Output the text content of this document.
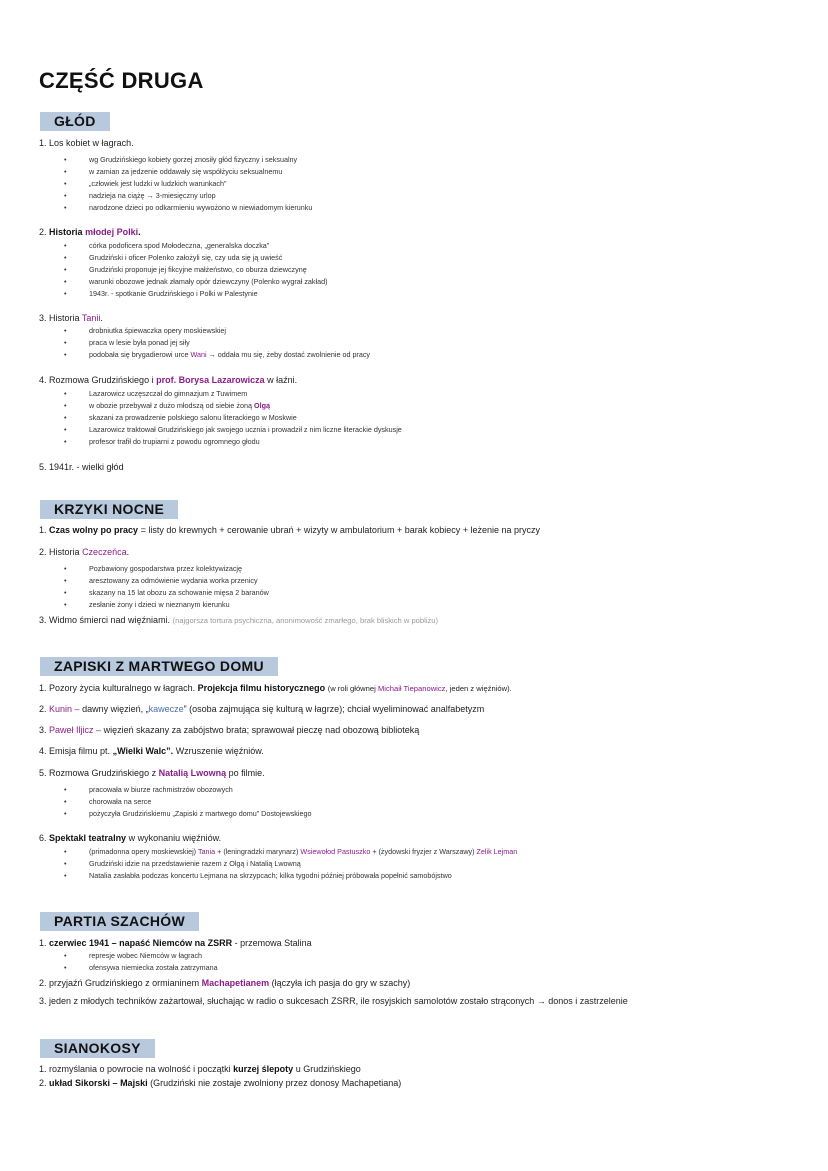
CZĘŚĆ DRUGA
GŁÓD
1. Los kobiet w łagrach.
• wg Grudzińskiego kobiety gorzej znosiły głód fizyczny i seksualny
• w zamian za jedzenie oddawały się współżyciu seksualnemu
• „człowiek jest ludzki w ludzkich warunkach”
• nadzieja na ciążę → 3-miesięczny urlop
• narodzone dzieci po odkarmieniu wywożono w niewiadomym kierunku
2. Historia młodej Polki.
• córka podoficera spod Mołodeczna, „generalska doczka”
• Grudziński i oficer Polenko założyli się, czy uda się ją uwieść
• Grudziński proponuje jej fikcyjne małżeństwo, co oburza dziewczynę
• warunki obozowe jednak złamały opór dziewczyny (Polenko wygrał zakład)
• 1943r. - spotkanie Grudzińskiego i Polki w Palestynie
3. Historia Tanii.
• drobniutka śpiewaczka opery moskiewskiej
• praca w lesie była ponad jej siły
• podobała się brygadierowi urce Wani → oddała mu się, żeby dostać zwolnienie od pracy
4. Rozmowa Grudzińskiego i prof. Borysa Lazarowicza w łaźni.
• Lazarowicz uczęszczał do gimnazjum z Tuwimem
• w obozie przebywał z dużo młodszą od siebie żoną Olgą
• skazani za prowadzenie polskiego salonu literackiego w Moskwie
• Lazarowicz traktował Grudzińskiego jak swojego ucznia i prowadził z nim liczne literackie dyskusje
• profesor trafił do trupiarni z powodu ogromnego głodu
5. 1941r. - wielki głód
KRZYKI NOCNE
1. Czas wolny po pracy = listy do krewnych + cerowanie ubrań + wizyty w ambulatorium + barak kobiecy + leżenie na pryczy
2. Historia Czeczeńca.
• Pozbawiony gospodarstwa przez kolektywizację
• aresztowany za odmówienie wydania worka przenicy
• skazany na 15 lat obozu za schowanie mięsa 2 baranów
• zesłanie żony i dzieci w nieznanym kierunku
3. Widmo śmierci nad więźniami. (najgorsza tortura psychiczna, anonimowość zmarłego, brak bliskich w pobliżu)
ZAPISKI Z MARTWEGO DOMU
1. Pozory życia kulturalnego w łagrach. Projekcja filmu historycznego (w roli głównej Michaił Tiepanowicz, jeden z więźniów).
2. Kunin – dawny więzień, „kawecze” (osoba zajmująca się kulturą w łagrze); chciał wyeliminować analfabetyzm
3. Paweł Iljicz – więzień skazany za zabójstwo brata; sprawował pieczę nad obozową biblioteką
4. Emisja filmu pt. „Wielki Walc”. Wzruszenie więźniów.
5. Rozmowa Grudzińskiego z Natalią Lwowną po filmie.
• pracowała w biurze rachmistrzów obozowych
• chorowała na serce
• pożyczyła Grudzińskiemu „Zapiski z martwego domu” Dostojewskiego
6. Spektakl teatralny w wykonaniu więźniów.
• (primadonna opery moskiewskiej) Tania + (leningradzki marynarz) Wsiewołod Pastuszko + (żydowski fryzjer z Warszawy) Zelik Lejman
• Grudziński idzie na przedstawienie razem z Olgą i Natalią Lwowną
• Natalia zasłabła podczas koncertu Lejmana na skrzypcach; kilka tygodni później próbowała popełnić samobójstwo
PARTIA SZACHÓW
1. czerwiec 1941 – napaść Niemców na ZSRR - przemowa Stalina
• represje wobec Niemców w łagrach
• ofensywa niemiecka została zatrzymana
2. przyjaźń Grudzińskiego z ormianinem Machapetianem (łączyła ich pasja do gry w szachy)
3. jeden z młodych techników zażartował, słuchając w radio o sukcesach ZSRR, ile rosyjskich samolotów zostało strąconych → donos i zastrzelenie
SIANOKOSY
1. rozmyślania o powrocie na wolność i początki kurzej ślepoty u Grudzińskiego
2. układ Sikorski – Majski (Grudziński nie zostaje zwolniony przez donosy Machapetiana)
